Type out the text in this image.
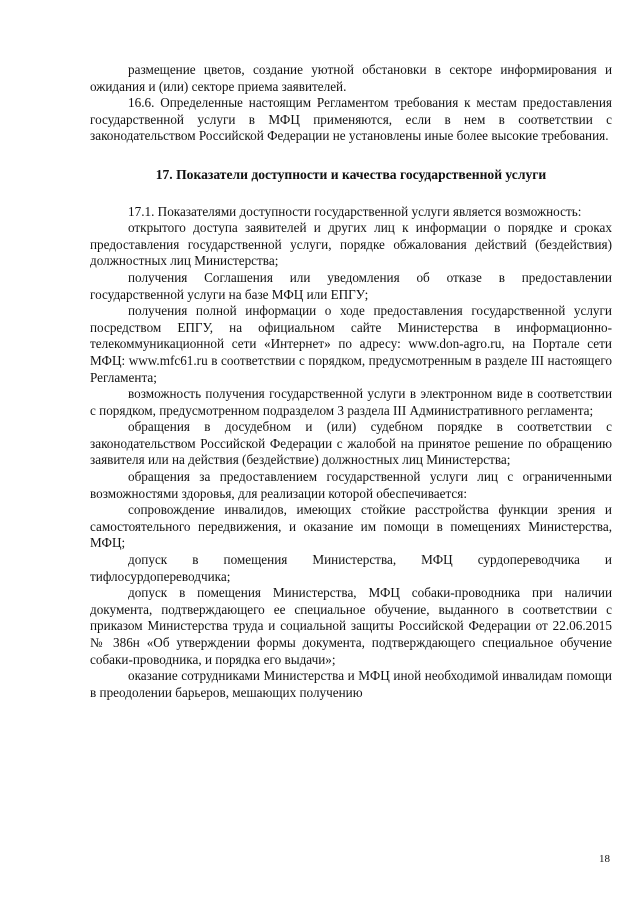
размещение цветов, создание уютной обстановки в секторе информирования и ожидания и (или) секторе приема заявителей.

16.6. Определенные настоящим Регламентом требования к местам предоставления государственной услуги в МФЦ применяются, если в нем в соответствии с законодательством Российской Федерации не установлены иные более высокие требования.

17. Показатели доступности и качества государственной услуги

17.1. Показателями доступности государственной услуги является возможность:

открытого доступа заявителей и других лиц к информации о порядке и сроках предоставления государственной услуги, порядке обжалования действий (бездействия) должностных лиц Министерства;

получения Соглашения или уведомления об отказе в предоставлении государственной услуги на базе МФЦ или ЕПГУ;

получения полной информации о ходе предоставления государственной услуги посредством ЕПГУ, на официальном сайте Министерства в информационно-телекоммуникационной сети «Интернет» по адресу: www.don-agro.ru, на Портале сети МФЦ: www.mfc61.ru в соответствии с порядком, предусмотренным в разделе III настоящего Регламента;

возможность получения государственной услуги в электронном виде в соответствии с порядком, предусмотренном подразделом 3 раздела III Административного регламента;

обращения в досудебном и (или) судебном порядке в соответствии с законодательством Российской Федерации с жалобой на принятое решение по обращению заявителя или на действия (бездействие) должностных лиц Министерства;

обращения за предоставлением государственной услуги лиц с ограниченными возможностями здоровья, для реализации которой обеспечивается:

сопровождение инвалидов, имеющих стойкие расстройства функции зрения и самостоятельного передвижения, и оказание им помощи в помещениях Министерства, МФЦ;

допуск в помещения Министерства, МФЦ сурдопереводчика и тифлосурдопереводчика;

допуск в помещения Министерства, МФЦ собаки-проводника при наличии документа, подтверждающего ее специальное обучение, выданного в соответствии с приказом Министерства труда и социальной защиты Российской Федерации от 22.06.2015 № 386н «Об утверждении формы документа, подтверждающего специальное обучение собаки-проводника, и порядка его выдачи»;

оказание сотрудниками Министерства и МФЦ иной необходимой инвалидам помощи в преодолении барьеров, мешающих получению

18
